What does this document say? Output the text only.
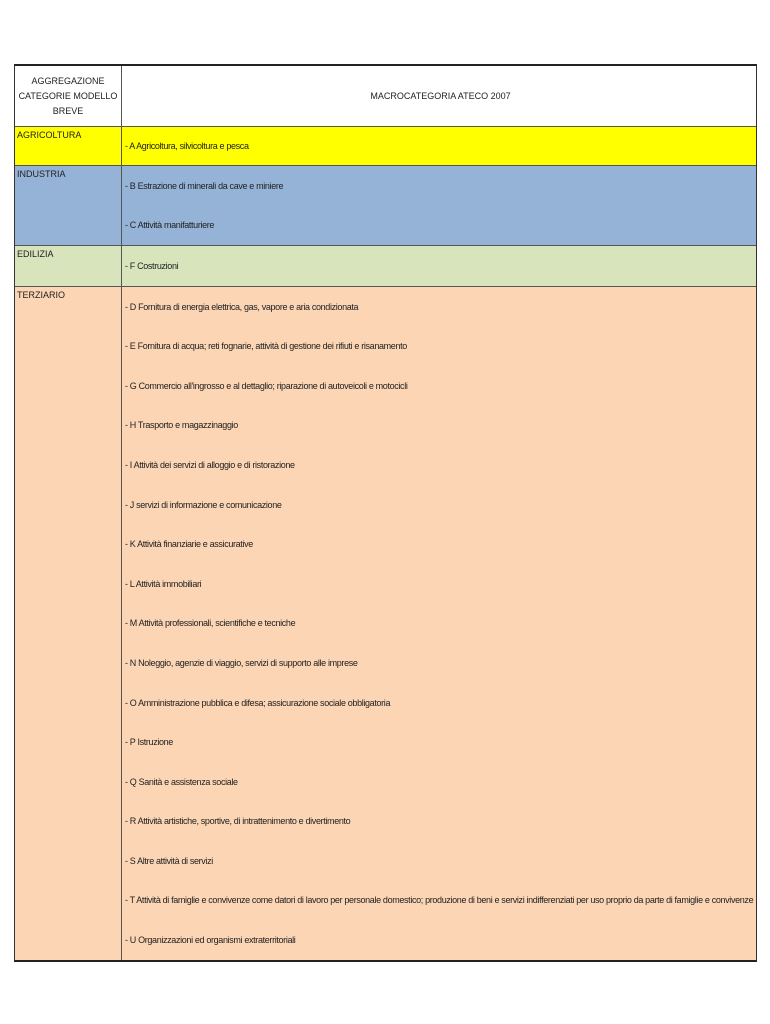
AGGREGAZIONE CATEGORIE MODELLO BREVE
MACROCATEGORIA ATECO 2007
AGRICOLTURA
- A Agricoltura, silvicoltura e pesca
INDUSTRIA
- B Estrazione di minerali da cave e miniere
- C Attività manifatturiere
EDILIZIA
- F Costruzioni
TERZIARIO
- D Fornitura di energia elettrica, gas, vapore e aria condizionata
- E Fornitura di acqua; reti fognarie, attività di gestione dei rifiuti e risanamento
- G Commercio all'ingrosso e al dettaglio; riparazione di autoveicoli e motocicli
- H Trasporto e magazzinaggio
- I Attività dei servizi di alloggio e di ristorazione
- J servizi di informazione e comunicazione
- K Attività finanziarie e assicurative
- L Attività immobiliari
- M Attività professionali, scientifiche e tecniche
- N Noleggio, agenzie di viaggio, servizi di supporto alle imprese
- O Amministrazione pubblica e difesa; assicurazione sociale obbligatoria
- P Istruzione
- Q Sanità e assistenza sociale
- R Attività artistiche, sportive, di intrattenimento e divertimento
- S Altre attività di servizi
- T Attività di famiglie e convivenze come datori di lavoro per personale domestico; produzione di beni e servizi indifferenziati per uso proprio da parte di famiglie e convivenze
- U Organizzazioni ed organismi extraterritoriali
